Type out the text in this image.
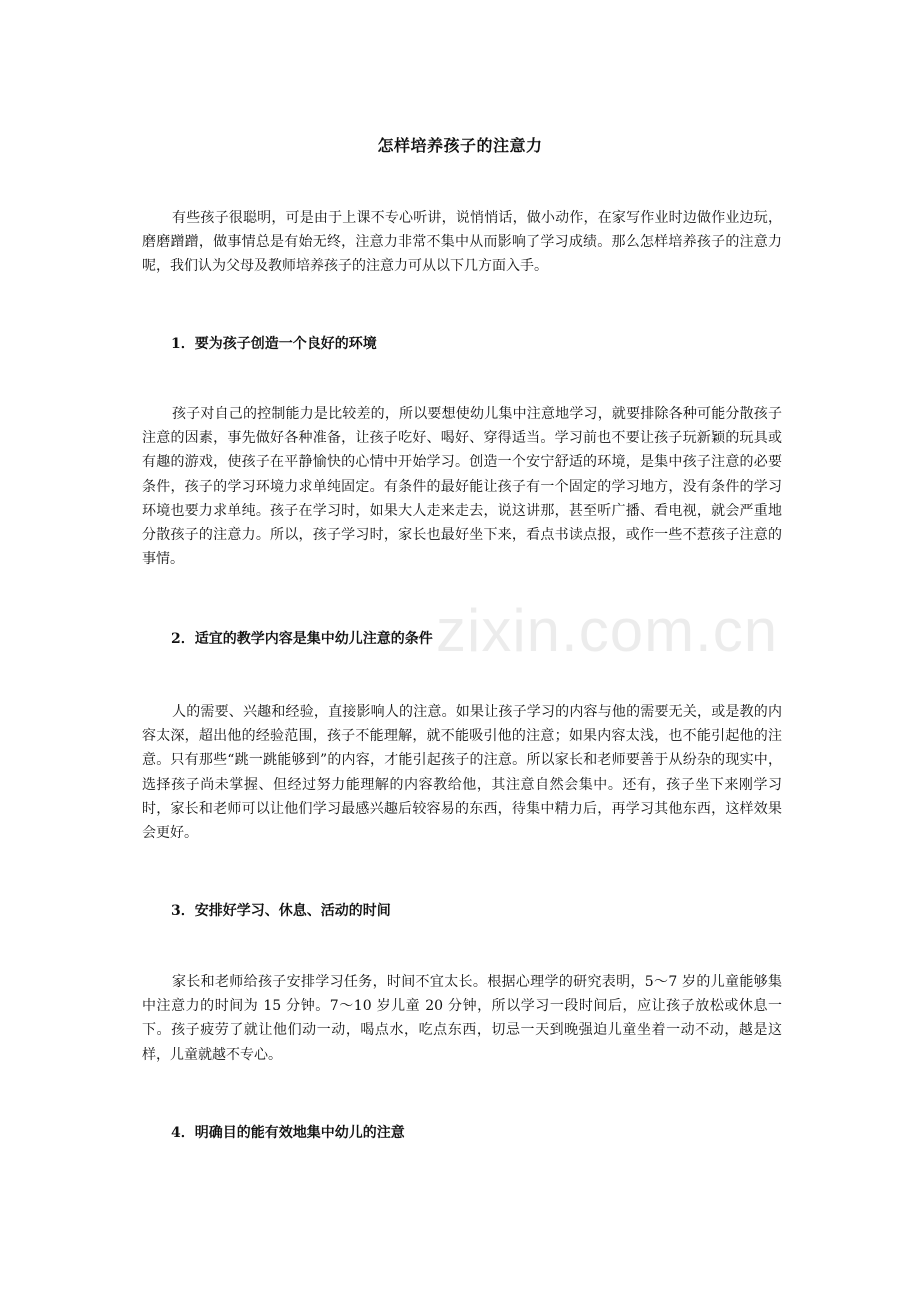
怎样培养孩子的注意力

有些孩子很聪明，可是由于上课不专心听讲，说悄悄话，做小动作，在家写作业时边做作业边玩，磨磨蹭蹭，做事情总是有始无终，注意力非常不集中从而影响了学习成绩。那么怎样培养孩子的注意力呢，我们认为父母及教师培养孩子的注意力可从以下几方面入手。

1．要为孩子创造一个良好的环境

孩子对自己的控制能力是比较差的，所以要想使幼儿集中注意地学习，就要排除各种可能分散孩子注意的因素，事先做好各种准备，让孩子吃好、喝好、穿得适当。学习前也不要让孩子玩新颖的玩具或有趣的游戏，使孩子在平静愉快的心情中开始学习。创造一个安宁舒适的环境，是集中孩子注意的必要条件，孩子的学习环境力求单纯固定。有条件的最好能让孩子有一个固定的学习地方，没有条件的学习环境也要力求单纯。孩子在学习时，如果大人走来走去，说这讲那，甚至听广播、看电视，就会严重地分散孩子的注意力。所以，孩子学习时，家长也最好坐下来，看点书读点报，或作一些不惹孩子注意的事情。

2．适宜的教学内容是集中幼儿注意的条件

人的需要、兴趣和经验，直接影响人的注意。如果让孩子学习的内容与他的需要无关，或是教的内容太深，超出他的经验范围，孩子不能理解，就不能吸引他的注意；如果内容太浅，也不能引起他的注意。只有那些“跳一跳能够到”的内容，才能引起孩子的注意。所以家长和老师要善于从纷杂的现实中，选择孩子尚未掌握、但经过努力能理解的内容教给他，其注意自然会集中。还有，孩子坐下来刚学习时，家长和老师可以让他们学习最感兴趣后较容易的东西，待集中精力后，再学习其他东西，这样效果会更好。

3．安排好学习、休息、活动的时间

家长和老师给孩子安排学习任务，时间不宜太长。根据心理学的研究表明，5～7 岁的儿童能够集中注意力的时间为 15 分钟。7～10 岁儿童 20 分钟，所以学习一段时间后，应让孩子放松或休息一下。孩子疲劳了就让他们动一动，喝点水，吃点东西，切忌一天到晚强迫儿童坐着一动不动，越是这样，儿童就越不专心。

4．明确目的能有效地集中幼儿的注意

zixin.com.cn
